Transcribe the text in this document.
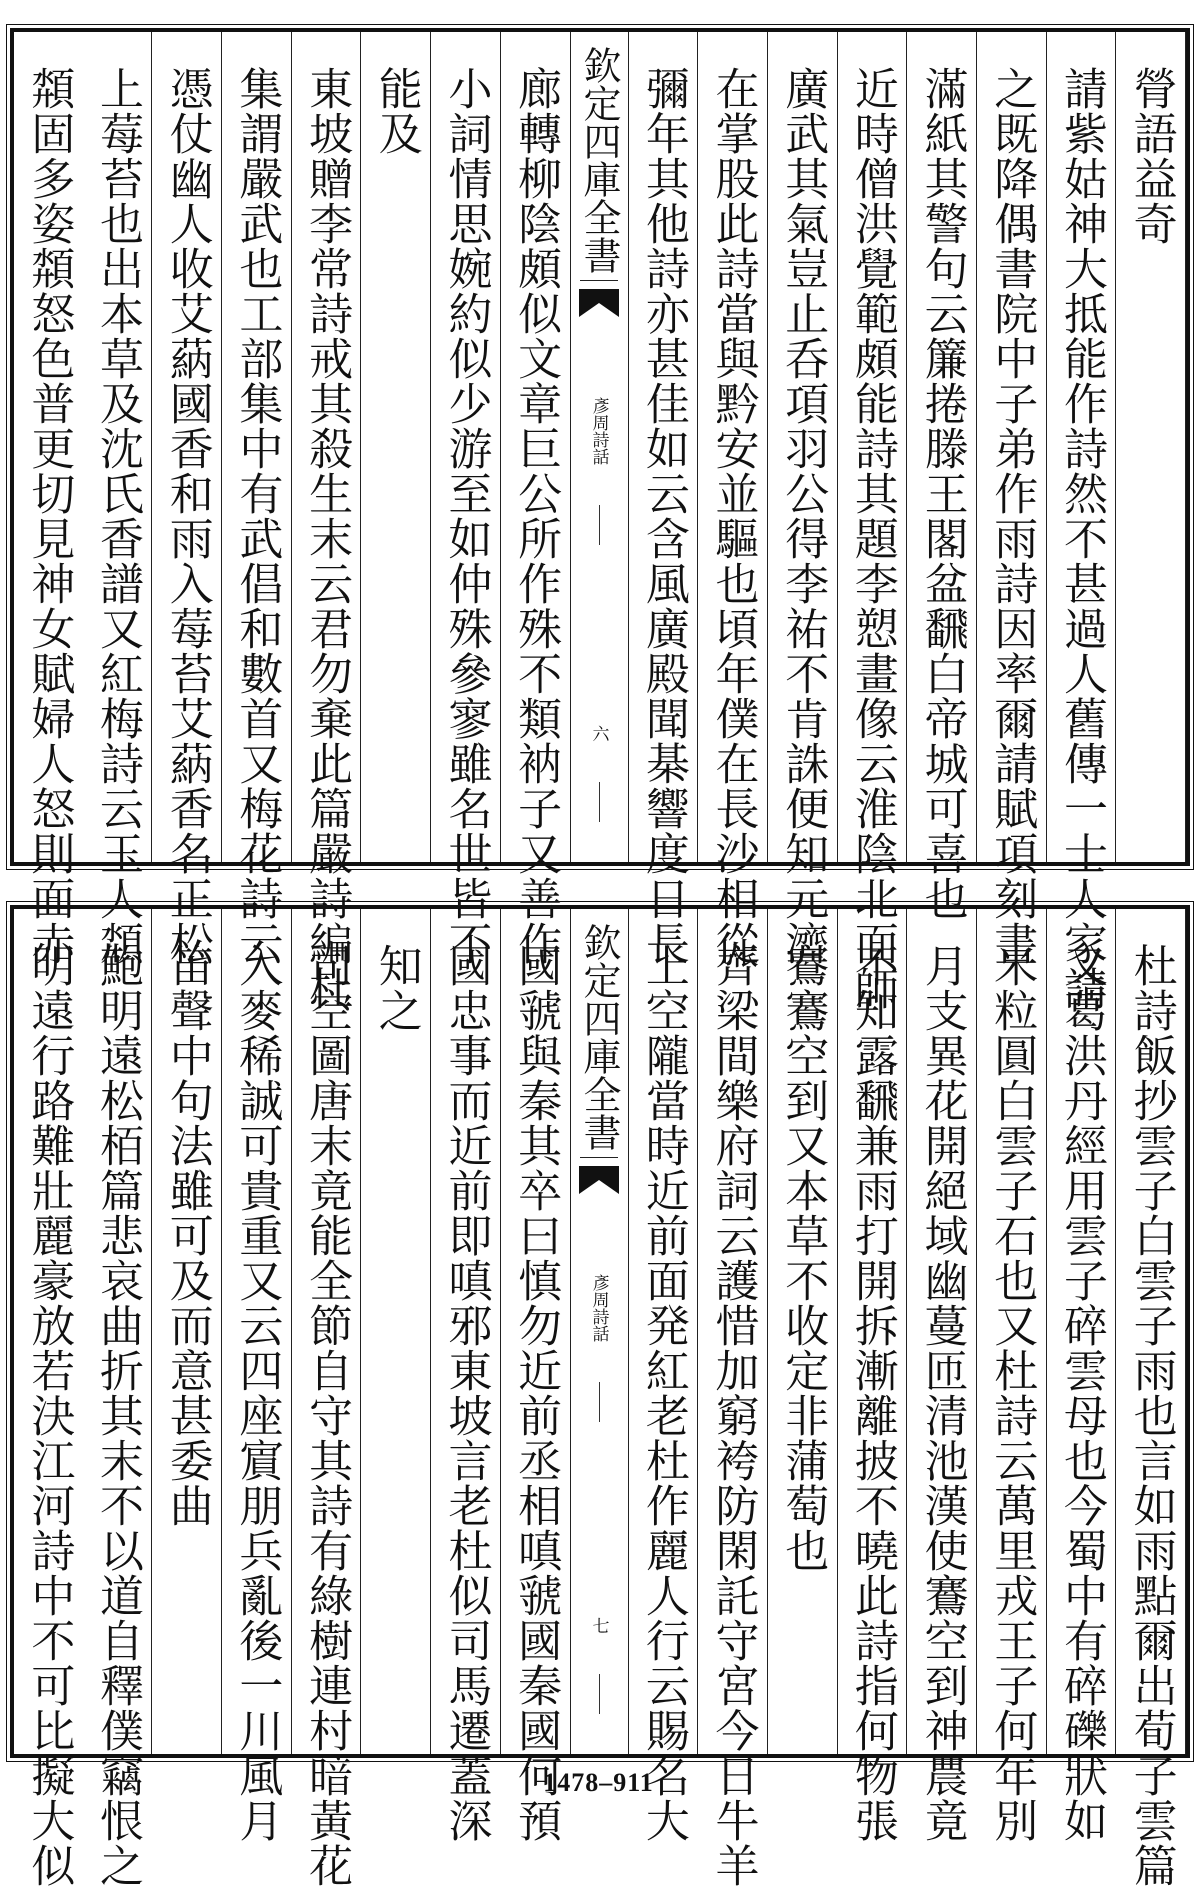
膋語益奇
請紫姑神大抵能作詩然不甚過人舊傳一士人家請
之既降偶書院中子弟作雨詩因率爾請賦項刻書
滿紙其警句云簾捲滕王閣盆飜白帝城可喜也
近時僧洪覺範頗能詩其題李愬畫像云淮陰北面師
廣武其氣豈止呑項羽公得李祐不肯誅便知元濟
在掌股此詩當與黔安並驅也頃年僕在長沙相從
彌年其他詩亦甚佳如云含風廣殿聞棊響度日長
欽定四庫全書
彥周詩話
六
廊轉柳陰頗似文章巨公所作殊不類衲子又善作
小詞情思婉約似少游至如仲殊參寥雖名世皆不
能及
東坡贈李常詩戒其殺生末云君勿棄此篇嚴詩編杜
集謂嚴武也工部集中有武倡和數首又梅花詩云
憑仗幽人收艾蒳國香和雨入莓苔艾蒳香名正松
上莓苔也出本草及沈氏香譜又紅梅詩云玉人頮
頮固多姿頮怒色普更切見神女賦婦人怒則面赤
杜詩飯抄雲子白雲子雨也言如雨點爾出荀子雲篇
又葛洪丹經用雲子碎雲母也今蜀中有碎礫狀如
米粒圓白雲子石也又杜詩云萬里戎王子何年別
月支異花開絕域幽蔓匝清池漢使鶱空到神農竟
不知露飜兼雨打開拆漸離披不曉此詩指何物張
鶱鶱空到又本草不收定非蒲萄也
齊梁間樂府詞云護惜加窮袴防閑託守宮今日牛羊
上空隴當時近前面発紅老杜作麗人行云賜名大
欽定四庫全書
彥周詩話
七
國虢與秦其卒曰慎勿近前丞相嗔虢國秦國何預
國忠事而近前即嗔邪東坡言老杜似司馬遷蓋深
知之
司空圖唐末竟能全節自守其詩有綠樹連村暗黃花
入麥稀誠可貴重又云四座賔朋兵亂後一川風月
笛聲中句法雖可及而意甚委曲
鮑明遠松栢篇悲哀曲折其末不以道自釋僕竊恨之
明遠行路難壯麗豪放若決江河詩中不可比擬大似	1478–911
